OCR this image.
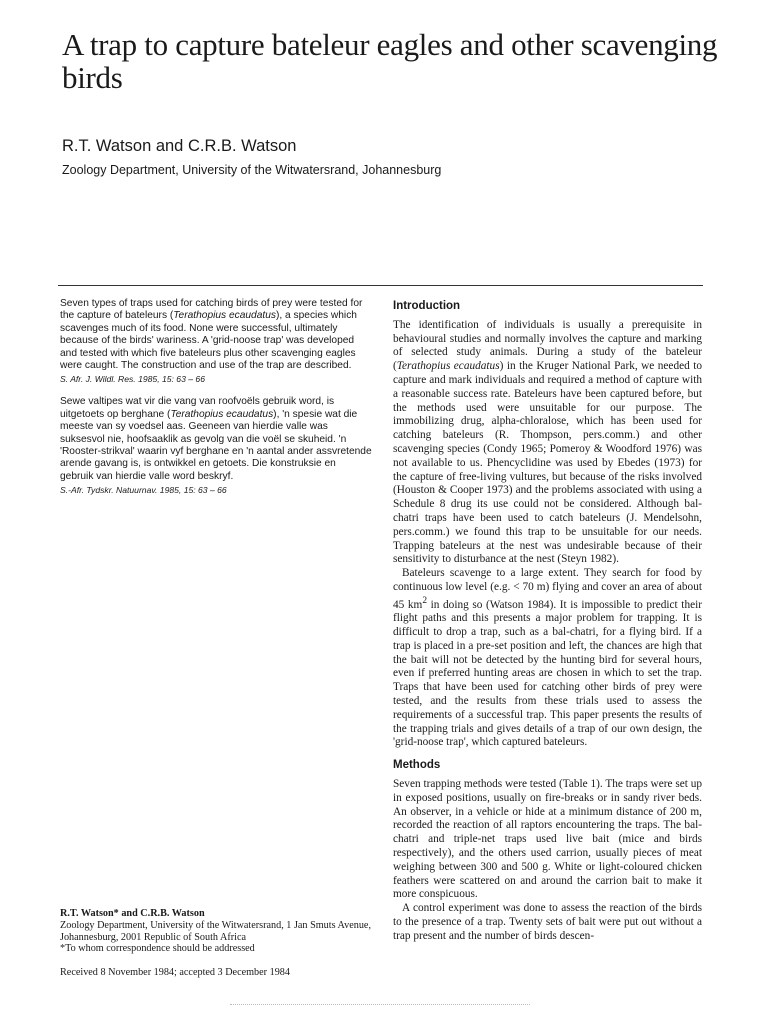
A trap to capture bateleur eagles and other scavenging birds

R.T. Watson and C.R.B. Watson

Zoology Department, University of the Witwatersrand, Johannesburg

Seven types of traps used for catching birds of prey were tested for the capture of bateleurs (Terathopius ecaudatus), a species which scavenges much of its food. None were successful, ultimately because of the birds' wariness. A 'grid-noose trap' was developed and tested with which five bateleurs plus other scavenging eagles were caught. The construction and use of the trap are described.

S. Afr. J. Wildl. Res. 1985, 15: 63 – 66

Sewe valtipes wat vir die vang van roofvoëls gebruik word, is uitgetoets op berghane (Terathopius ecaudatus), 'n spesie wat die meeste van sy voedsel aas. Geeneen van hierdie valle was suksesvol nie, hoofsaaklik as gevolg van die voël se skuheid. 'n 'Rooster-strikval' waarin vyf berghane en 'n aantal ander assvretende arende gavang is, is ontwikkel en getoets. Die konstruksie en gebruik van hierdie valle word beskryf.

S.-Afr. Tydskr. Natuurnav. 1985, 15: 63 – 66

R.T. Watson* and C.R.B. Watson

Zoology Department, University of the Witwatersrand, 1 Jan Smuts Avenue, Johannesburg, 2001 Republic of South Africa

*To whom correspondence should be addressed

Received 8 November 1984; accepted 3 December 1984

Introduction

The identification of individuals is usually a prerequisite in behavioural studies and normally involves the capture and marking of selected study animals. During a study of the bateleur (Terathopius ecaudatus) in the Kruger National Park, we needed to capture and mark individuals and required a method of capture with a reasonable success rate. Bateleurs have been captured before, but the methods used were unsuitable for our purpose. The immobilizing drug, alpha-chloralose, which has been used for catching bateleurs (R. Thompson, pers.comm.) and other scavenging species (Condy 1965; Pomeroy & Woodford 1976) was not available to us. Phencyclidine was used by Ebedes (1973) for the capture of free-living vultures, but because of the risks involved (Houston & Cooper 1973) and the problems associated with using a Schedule 8 drug its use could not be considered. Although bal-chatri traps have been used to catch bateleurs (J. Mendelsohn, pers.comm.) we found this trap to be unsuitable for our needs. Trapping bateleurs at the nest was undesirable because of their sensitivity to disturbance at the nest (Steyn 1982).

Bateleurs scavenge to a large extent. They search for food by continuous low level (e.g. < 70 m) flying and cover an area of about 45 $km^2$ in doing so (Watson 1984). It is impossible to predict their flight paths and this presents a major problem for trapping. It is difficult to drop a trap, such as a bal-chatri, for a flying bird. If a trap is placed in a pre-set position and left, the chances are high that the bait will not be detected by the hunting bird for several hours, even if preferred hunting areas are chosen in which to set the trap. Traps that have been used for catching other birds of prey were tested, and the results from these trials used to assess the requirements of a successful trap. This paper presents the results of the trapping trials and gives details of a trap of our own design, the 'grid-noose trap', which captured bateleurs.

Methods

Seven trapping methods were tested (Table 1). The traps were set up in exposed positions, usually on fire-breaks or in sandy river beds. An observer, in a vehicle or hide at a minimum distance of 200 m, recorded the reaction of all raptors encountering the traps. The bal-chatri and triple-net traps used live bait (mice and birds respectively), and the others used carrion, usually pieces of meat weighing between 300 and 500 g. White or light-coloured chicken feathers were scattered on and around the carrion bait to make it more conspicuous.

A control experiment was done to assess the reaction of the birds to the presence of a trap. Twenty sets of bait were put out without a trap present and the number of birds descen-
